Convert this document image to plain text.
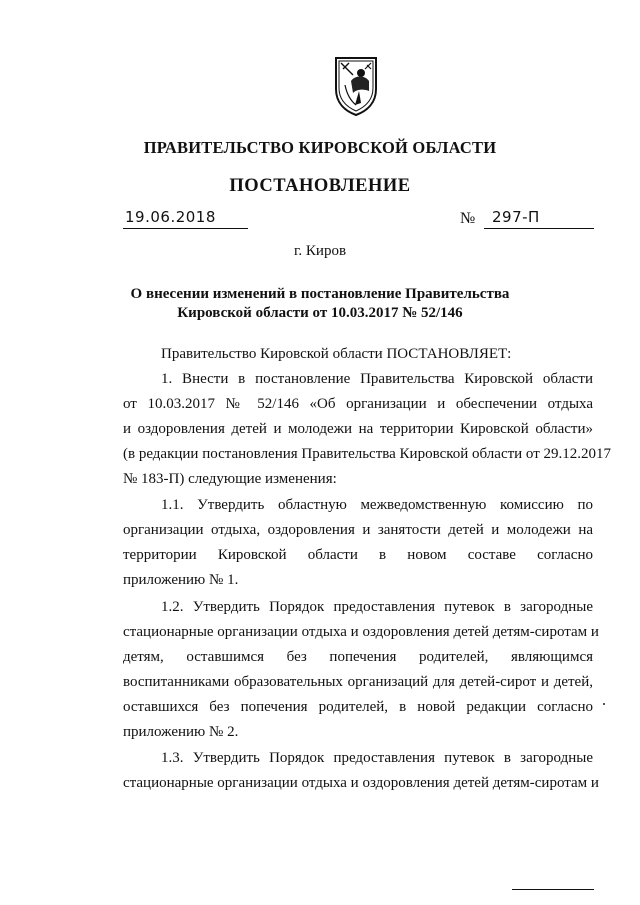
ПРАВИТЕЛЬСТВО КИРОВСКОЙ ОБЛАСТИ
ПОСТАНОВЛЕНИЕ
19.06.2018	№ 297-П
г. Киров
О внесении изменений в постановление Правительства
Кировской области от 10.03.2017 № 52/146
Правительство Кировской области ПОСТАНОВЛЯЕТ:
1. Внести в постановление Правительства Кировской области
от 10.03.2017 № 52/146 «Об организации и обеспечении отдыха
и оздоровления детей и молодежи на территории Кировской области»
(в редакции постановления Правительства Кировской области от 29.12.2017
№ 183-П) следующие изменения:
1.1. Утвердить областную межведомственную комиссию по
организации отдыха, оздоровления и занятости детей и молодежи на
территории Кировской области в новом составе согласно
приложению № 1.
1.2. Утвердить Порядок предоставления путевок в загородные
стационарные организации отдыха и оздоровления детей детям-сиротам и
детям, оставшимся без попечения родителей, являющимся
воспитанниками образовательных организаций для детей-сирот и детей,
оставшихся без попечения родителей, в новой редакции согласно
приложению № 2.
1.3. Утвердить Порядок предоставления путевок в загородные
стационарные организации отдыха и оздоровления детей детям-сиротам и
